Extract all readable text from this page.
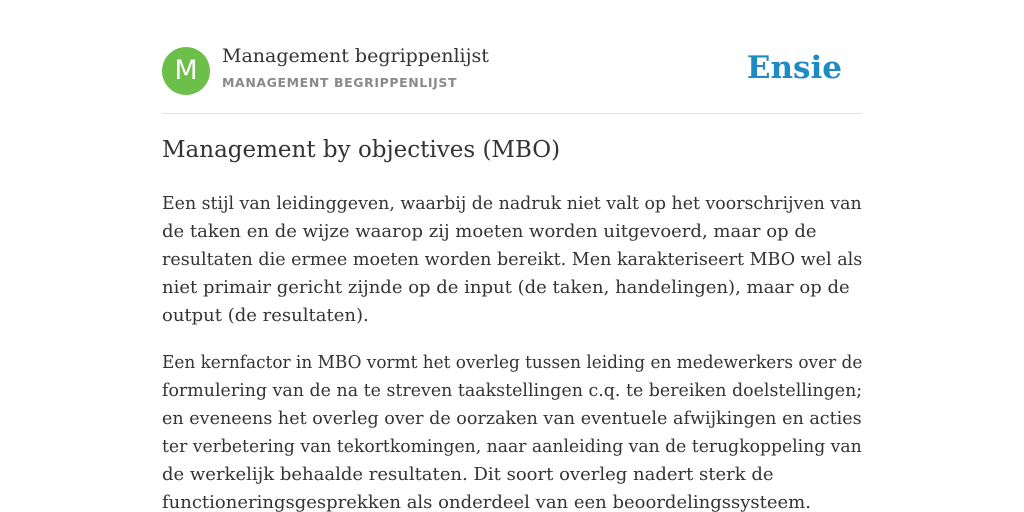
M	Management begrippenlijst
MANAGEMENT BEGRIPPENLIJST	Ensie
Management by objectives (MBO)

Een stijl van leidinggeven, waarbij de nadruk niet valt op het voorschrijven van
de taken en de wijze waarop zij moeten worden uitgevoerd, maar op de
resultaten die ermee moeten worden bereikt. Men karakteriseert MBO wel als
niet primair gericht zijnde op de input (de taken, handelingen), maar op de
output (de resultaten).

Een kernfactor in MBO vormt het overleg tussen leiding en medewerkers over de
formulering van de na te streven taakstellingen c.q. te bereiken doelstellingen;
en eveneens het overleg over de oorzaken van eventuele afwijkingen en acties
ter verbetering van tekortkomingen, naar aanleiding van de terugkoppeling van
de werkelijk behaalde resultaten. Dit soort overleg nadert sterk de
functioneringsgesprekken als onderdeel van een beoordelingssysteem.
